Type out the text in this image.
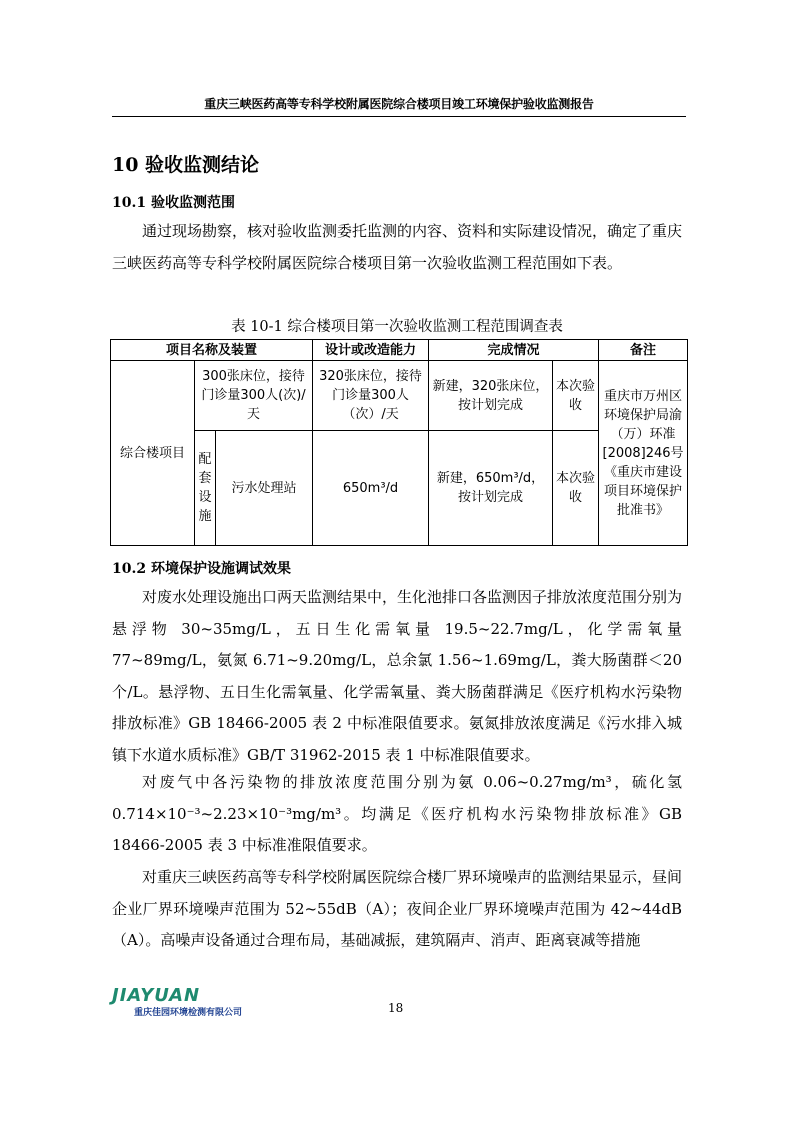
重庆三峡医药高等专科学校附属医院综合楼项目竣工环境保护验收监测报告
10 验收监测结论
10.1 验收监测范围

通过现场勘察，核对验收监测委托监测的内容、资料和实际建设情况，确定了重庆三峡医药高等专科学校附属医院综合楼项目第一次验收监测工程范围如下表。

表 10-1 综合楼项目第一次验收监测工程范围调查表
项目名称及装置			设计或改造能力	完成情况		备注
综合楼项目	300张床位，接待门诊量300人(次)/天		320张床位，接待门诊量300人（次）/天	新建，320张床位，按计划完成	本次验收	重庆市万州区环境保护局渝（万）环准[2008]246号《重庆市建设项目环境保护批准书》
	配套设施	污水处理站	650m³/d	新建，650m³/d，按计划完成	本次验收	
10.2 环境保护设施调试效果

对废水处理设施出口两天监测结果中，生化池排口各监测因子排放浓度范围分别为悬浮物 30~35mg/L，五日生化需氧量 19.5~22.7mg/L，化学需氧量 77~89mg/L，氨氮 6.71~9.20mg/L，总余氯 1.56~1.69mg/L，粪大肠菌群＜20个/L。悬浮物、五日生化需氧量、化学需氧量、粪大肠菌群满足《医疗机构水污染物排放标准》GB 18466-2005 表 2 中标准限值要求。氨氮排放浓度满足《污水排入城镇下水道水质标准》GB/T 31962-2015 表 1 中标准限值要求。

对废气中各污染物的排放浓度范围分别为氨 0.06~0.27mg/m³，硫化氢 0.714×10⁻³~2.23×10⁻³mg/m³。均满足《医疗机构水污染物排放标准》GB 18466-2005 表 3 中标准准限值要求。

对重庆三峡医药高等专科学校附属医院综合楼厂界环境噪声的监测结果显示，昼间企业厂界环境噪声范围为 52~55dB（A）；夜间企业厂界环境噪声范围为 42~44dB（A）。高噪声设备通过合理布局，基础减振，建筑隔声、消声、距离衰减等措施

JIAYUAN
重庆佳园环境检测有限公司	18
